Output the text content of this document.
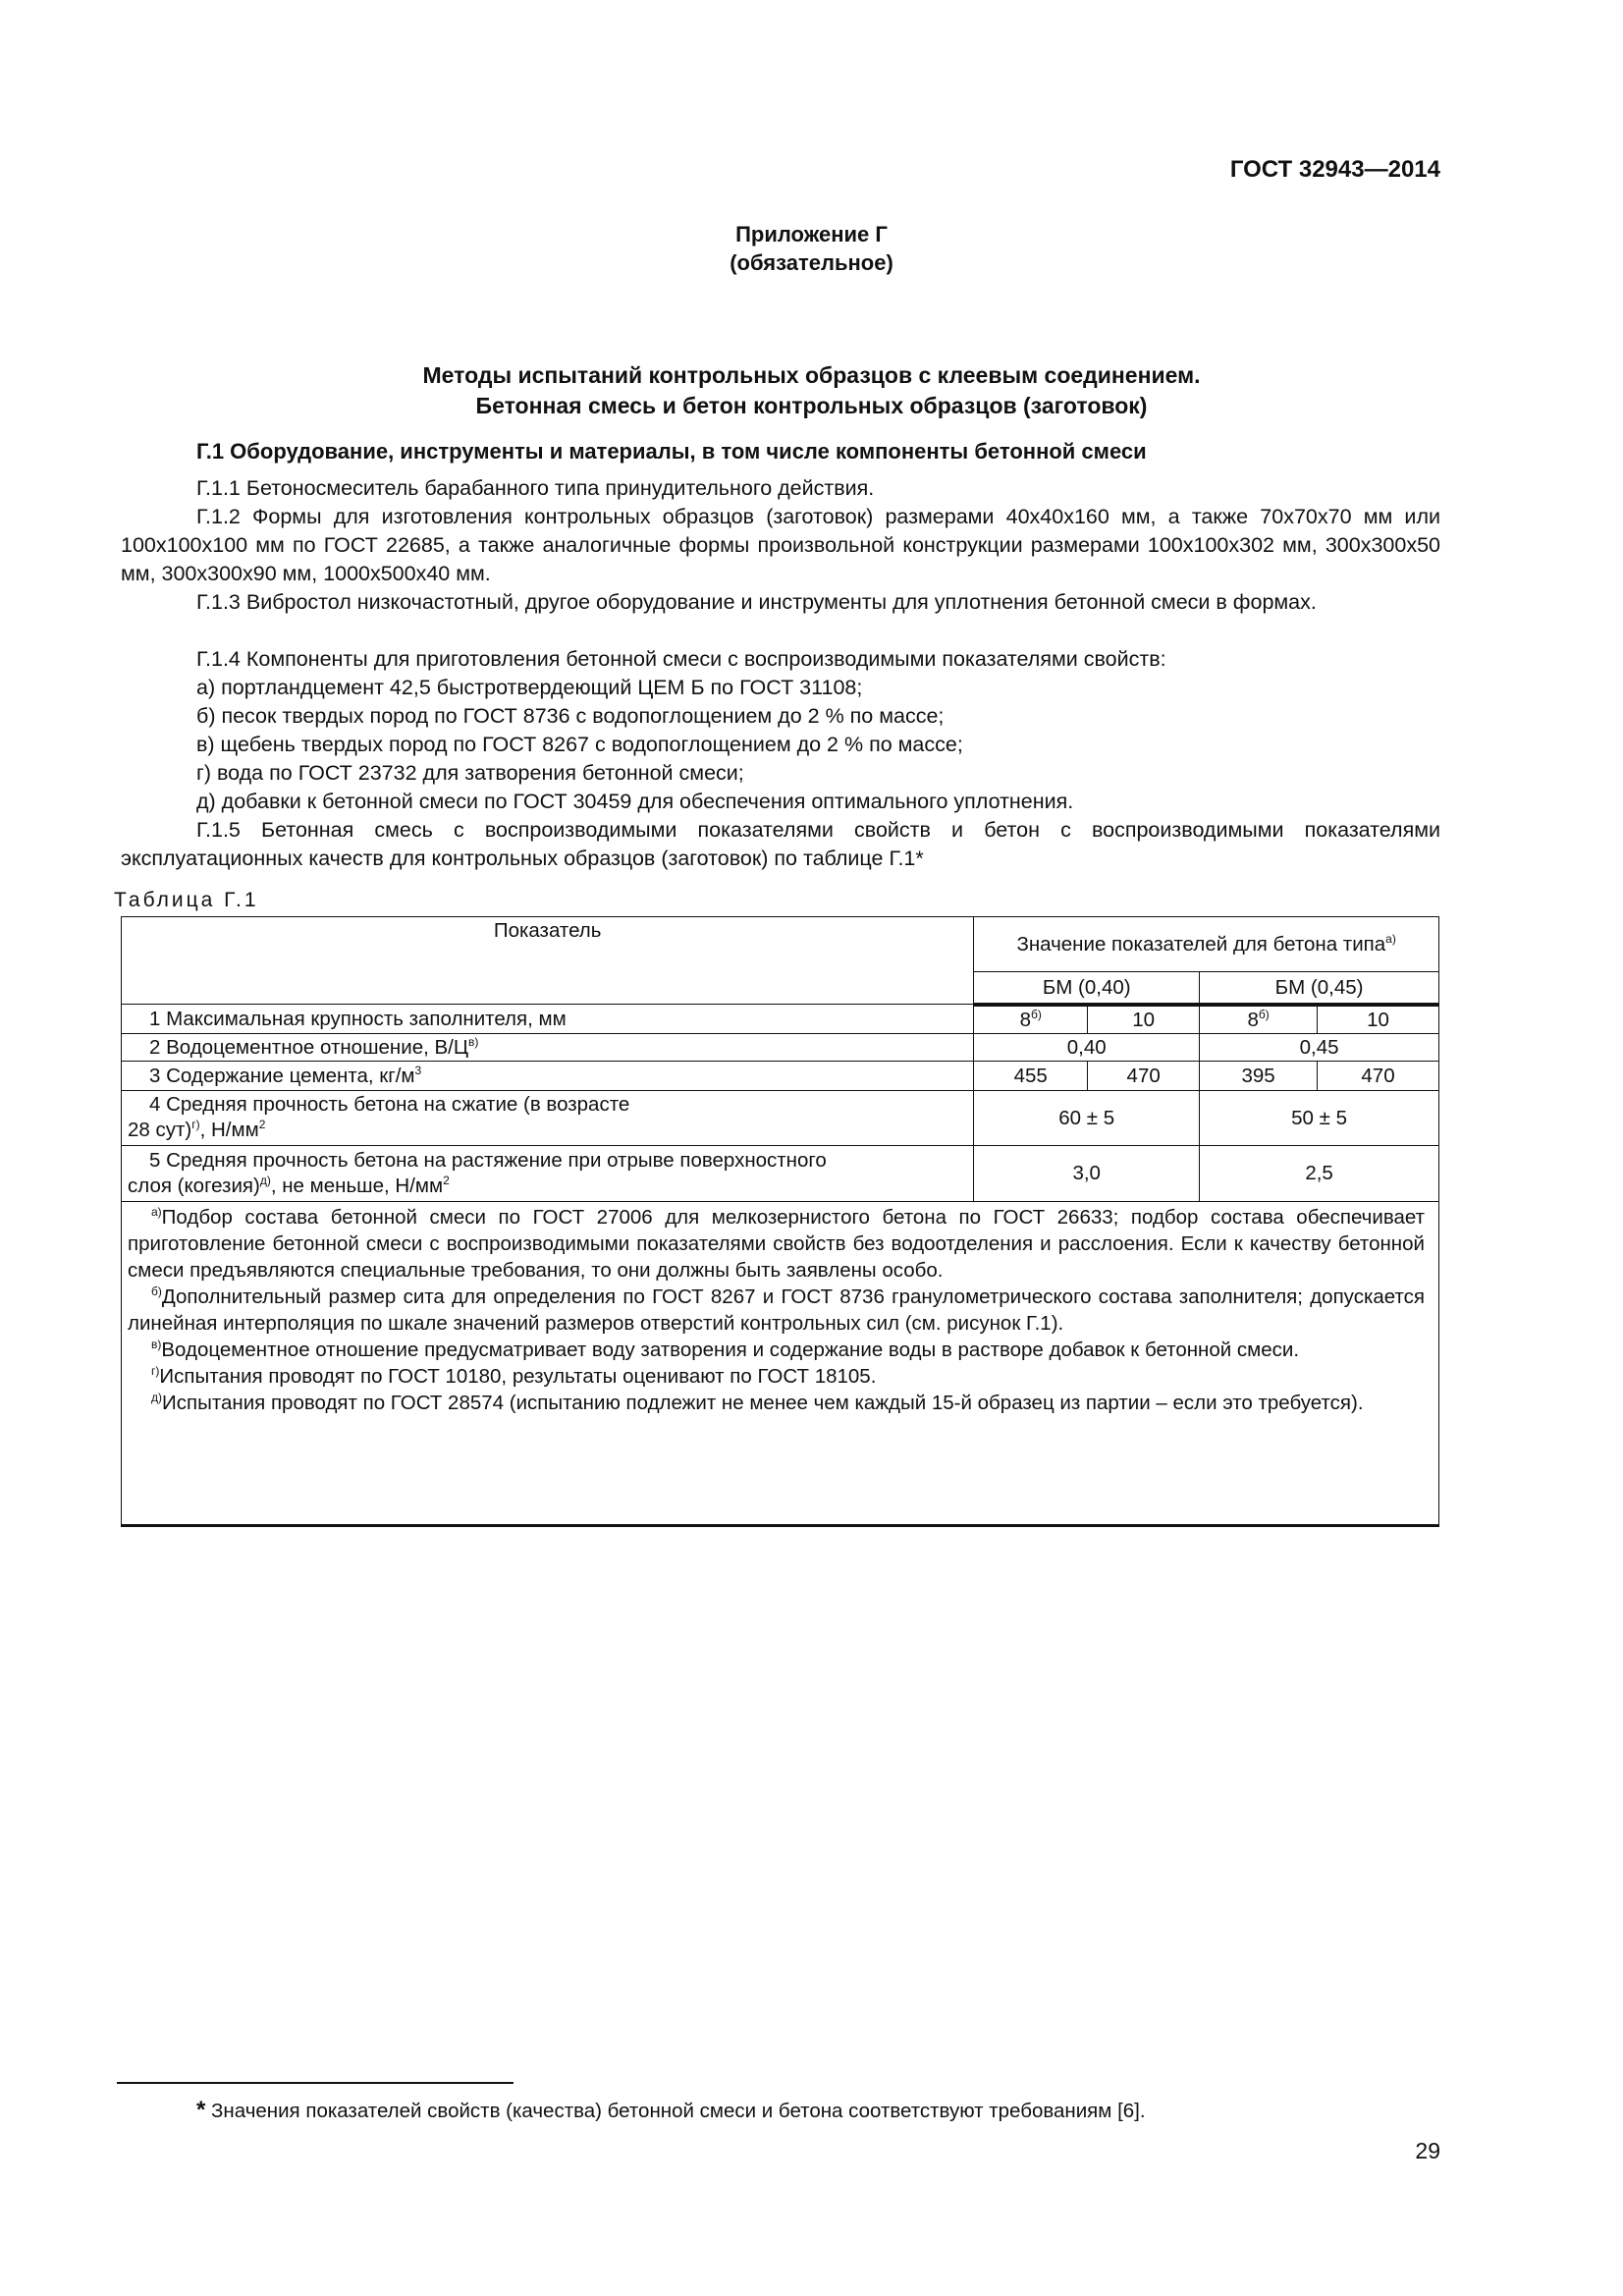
ГОСТ 32943—2014
Приложение Г
(обязательное)
Методы испытаний контрольных образцов с клеевым соединением.
Бетонная смесь и бетон контрольных образцов (заготовок)
Г.1 Оборудование, инструменты и материалы, в том числе компоненты бетонной смеси
Г.1.1 Бетоносмеситель барабанного типа принудительного действия.
Г.1.2 Формы для изготовления контрольных образцов (заготовок) размерами 40x40x160 мм, а также 70x70x70 мм или 100x100x100 мм по ГОСТ 22685, а также аналогичные формы произвольной конструкции размерами 100x100x302 мм, 300x300x50 мм, 300x300x90 мм, 1000x500x40 мм.
Г.1.3 Вибростол низкочастотный, другое оборудование и инструменты для уплотнения бетонной смеси в формах.
Г.1.4 Компоненты для приготовления бетонной смеси с воспроизводимыми показателями свойств:
а) портландцемент 42,5 быстротвердеющий ЦЕМ Б по ГОСТ 31108;
б) песок твердых пород по ГОСТ 8736 с водопоглощением до 2 % по массе;
в) щебень твердых пород по ГОСТ 8267 с водопоглощением до 2 % по массе;
г) вода по ГОСТ 23732 для затворения бетонной смеси;
д) добавки к бетонной смеси по ГОСТ 30459 для обеспечения оптимального уплотнения.
Г.1.5 Бетонная смесь с воспроизводимыми показателями свойств и бетон с воспроизводимыми показателями эксплуатационных качеств для контрольных образцов (заготовок) по таблице Г.1*
Таблица Г.1
Показатель	Значение показателей для бетона типа$^{а)}$
	БМ (0,40)		БМ (0,45)	
1 Максимальная крупность заполнителя, мм	$8^{б)}$	10	$8^{б)}$	10
2 Водоцементное отношение, $В/Ц^{в)}$	0,40		0,45	
3 Содержание цемента, $кг/м^3$	455	470	395	470

4 Средняя прочность бетона на сжатие (в возрасте
28 сут)$^{г)}$, $Н/мм^2$	60 ± 5		50 ± 5	

5 Средняя прочность бетона на растяжение при отрыве поверхностного
слоя (когезия)$^{д)}$, не меньше, $Н/мм^2$	3,0		2,5	

$^{а)}$Подбор состава бетонной смеси по ГОСТ 27006 для мелкозернистого бетона по ГОСТ 26633; подбор состава обеспечивает приготовление бетонной смеси с воспроизводимыми показателями свойств без водоотделения и расслоения. Если к качеству бетонной смеси предъявляются специальные требования, то они должны быть заявлены особо.
$^{б)}$Дополнительный размер сита для определения по ГОСТ 8267 и ГОСТ 8736 гранулометрического состава заполнителя; допускается линейная интерполяция по шкале значений размеров отверстий контрольных сил (см. рисунок Г.1).
$^{в)}$Водоцементное отношение предусматривает воду затворения и содержание воды в растворе добавок к бетонной смеси.
$^{г)}$Испытания проводят по ГОСТ 10180, результаты оценивают по ГОСТ 18105.
$^{д)}$Испытания проводят по ГОСТ 28574 (испытанию подлежит не менее чем каждый 15-й образец из партии – если это требуется).				
* Значения показателей свойств (качества) бетонной смеси и бетона соответствуют требованиям [6].
29
